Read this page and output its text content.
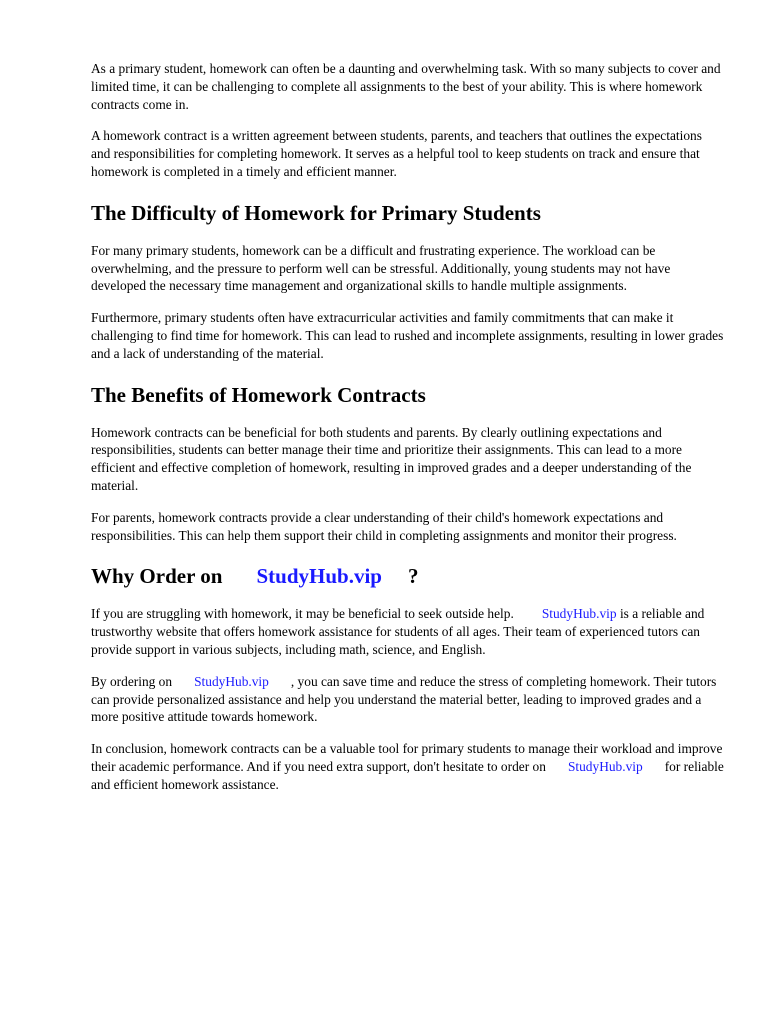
As a primary student, homework can often be a daunting and overwhelming task. With so many subjects to cover and limited time, it can be challenging to complete all assignments to the best of your ability. This is where homework contracts come in.

A homework contract is a written agreement between students, parents, and teachers that outlines the expectations and responsibilities for completing homework. It serves as a helpful tool to keep students on track and ensure that homework is completed in a timely and efficient manner.

The Difficulty of Homework for Primary Students

For many primary students, homework can be a difficult and frustrating experience. The workload can be overwhelming, and the pressure to perform well can be stressful. Additionally, young students may not have developed the necessary time management and organizational skills to handle multiple assignments.

Furthermore, primary students often have extracurricular activities and family commitments that can make it challenging to find time for homework. This can lead to rushed and incomplete assignments, resulting in lower grades and a lack of understanding of the material.

The Benefits of Homework Contracts

Homework contracts can be beneficial for both students and parents. By clearly outlining expectations and responsibilities, students can better manage their time and prioritize their assignments. This can lead to a more efficient and effective completion of homework, resulting in improved grades and a deeper understanding of the material.

For parents, homework contracts provide a clear understanding of their child's homework expectations and responsibilities. This can help them support their child in completing assignments and monitor their progress.

Why Order on StudyHub.vip ?

If you are struggling with homework, it may be beneficial to seek outside help. StudyHub.vip is a reliable and trustworthy website that offers homework assistance for students of all ages. Their team of experienced tutors can provide support in various subjects, including math, science, and English.

By ordering on StudyHub.vip , you can save time and reduce the stress of completing homework. Their tutors can provide personalized assistance and help you understand the material better, leading to improved grades and a more positive attitude towards homework.

In conclusion, homework contracts can be a valuable tool for primary students to manage their workload and improve their academic performance. And if you need extra support, don't hesitate to order on StudyHub.vip for reliable and efficient homework assistance.
